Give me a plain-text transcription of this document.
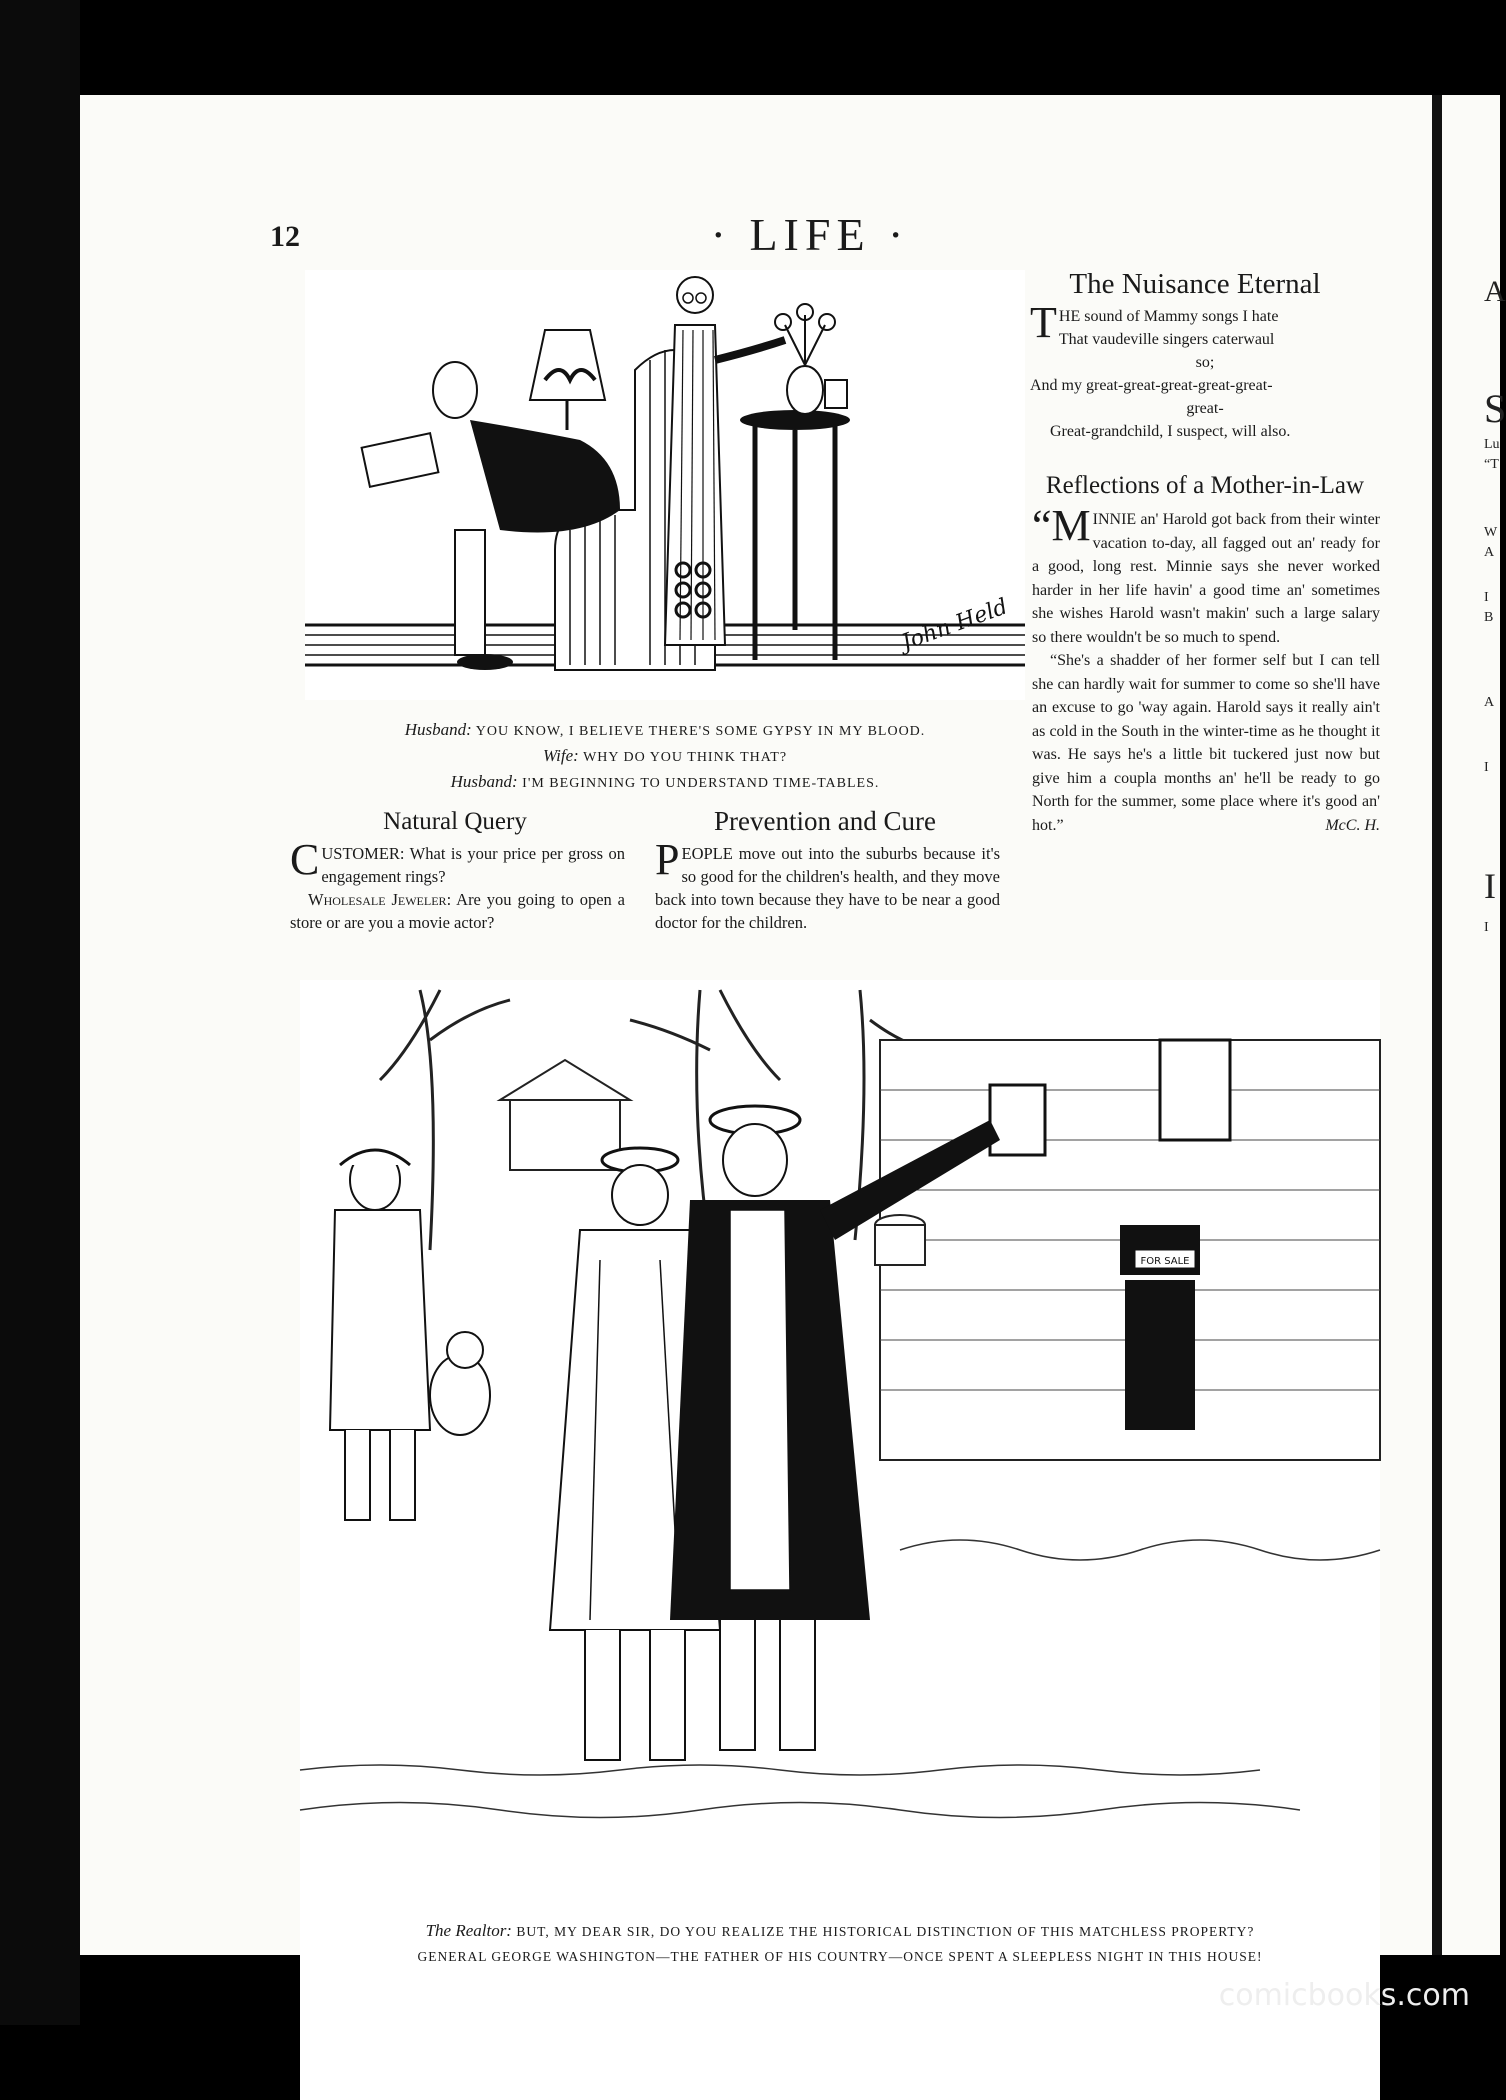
A
S
Lu
“T
W
A
I
B
A
I
I
I
12	· LIFE ·
John Held
Husband: YOU KNOW, I BELIEVE THERE'S SOME GYPSY IN MY BLOOD.
Wife: WHY DO YOU THINK THAT?
Husband: I'M BEGINNING TO UNDERSTAND TIME-TABLES.
The Nuisance Eternal
THE sound of Mammy songs I hate
That vaudeville singers caterwaul
so;
And my great-great-great-great-great-
great-
Great-grandchild, I suspect, will also.
Reflections of a Mother-in-Law

“MINNIE an' Harold got back from their winter vacation to-day, all fagged out an' ready for a good, long rest. Minnie says she never worked harder in her life havin' a good time an' sometimes she wishes Harold wasn't makin' such a large salary so there wouldn't be so much to spend.

“She's a shadder of her former self but I can tell she can hardly wait for summer to come so she'll have an excuse to go 'way again. Harold says it really ain't as cold in the South in the winter-time as he thought it was. He says he's a little bit tuckered just now but give him a coupla months an' he'll be ready to go North for the summer, some place where it's good an' hot.”	McC. H.
Natural Query

CUSTOMER: What is your price per gross on engagement rings?

Wholesale Jeweler: Are you going to open a store or are you a movie actor?

Prevention and Cure

PEOPLE move out into the suburbs because it's so good for the children's health, and they move back into town because they have to be near a good doctor for the children.

FOR SALE
The Realtor: BUT, MY DEAR SIR, DO YOU REALIZE THE HISTORICAL DISTINCTION OF THIS MATCHLESS PROPERTY?
GENERAL GEORGE WASHINGTON—THE FATHER OF HIS COUNTRY—ONCE SPENT A SLEEPLESS NIGHT IN THIS HOUSE!
comicbooks.com
